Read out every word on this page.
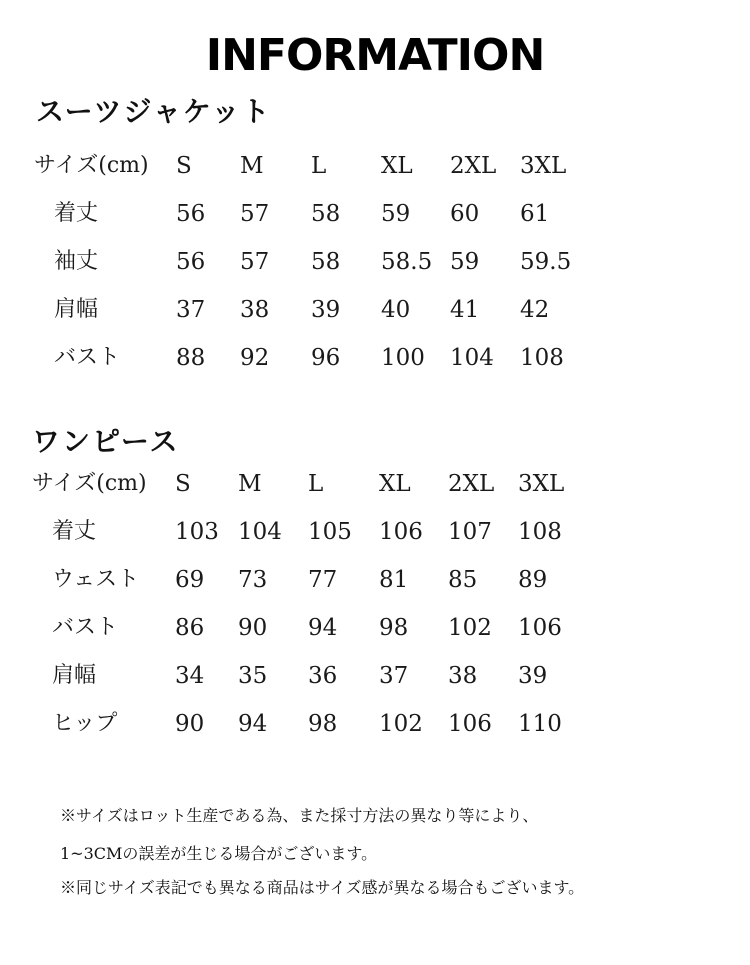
INFORMATION
スーツジャケット
サイズ(cm) S M L XL 2XL 3XL
着丈	56 57 58 59 60 61
袖丈	56 57 58 58.5 59 59.5
肩幅	37 38 39 40 41 42
バスト 88 92 96 100 104 108
ワンピース
サイズ(cm) S M L XL 2XL 3XL
着丈	103 104 105 106 107 108
ウェスト 69 73 77 81 85 89
バスト 86 90 94 98 102 106
肩幅	34 35 36 37 38 39
ヒップ	90 94 98 102 106 110
※サイズはロット生産である為、また採寸方法の異なり等により、
1~3CMの誤差が生じる場合がございます。
※同じサイズ表記でも異なる商品はサイズ感が異なる場合もございます。
